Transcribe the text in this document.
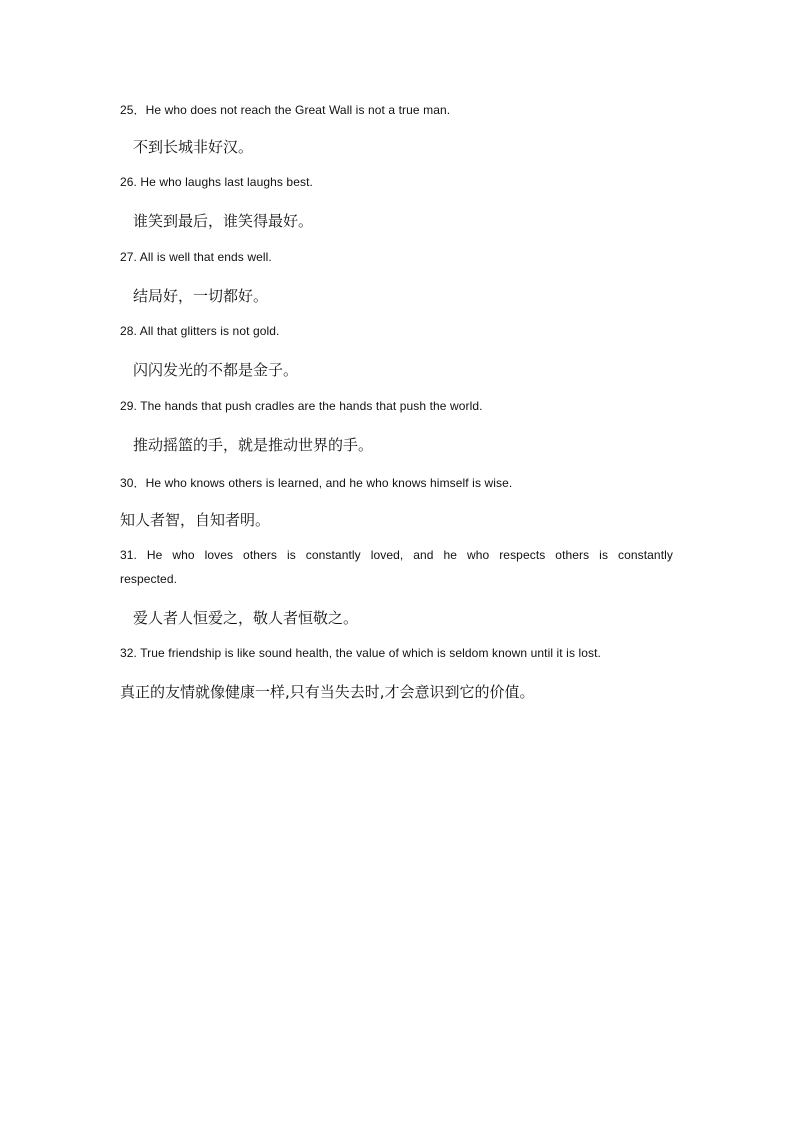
25．He who does not reach the Great Wall is not a true man.
不到长城非好汉。
26. He who laughs last laughs best.
谁笑到最后，谁笑得最好。
27. All is well that ends well.
结局好，一切都好。
28. All that glitters is not gold.
闪闪发光的不都是金子。
29. The hands that push cradles are the hands that push the world.
推动摇篮的手，就是推动世界的手。
30．He who knows others is learned, and he who knows himself is wise.
知人者智，自知者明。
31. He who loves others is constantly loved, and he who respects others is constantly
respected.
爱人者人恒爱之，敬人者恒敬之。
32. True friendship is like sound health, the value of which is seldom known until it is lost.
真正的友情就像健康一样,只有当失去时,才会意识到它的价值。
